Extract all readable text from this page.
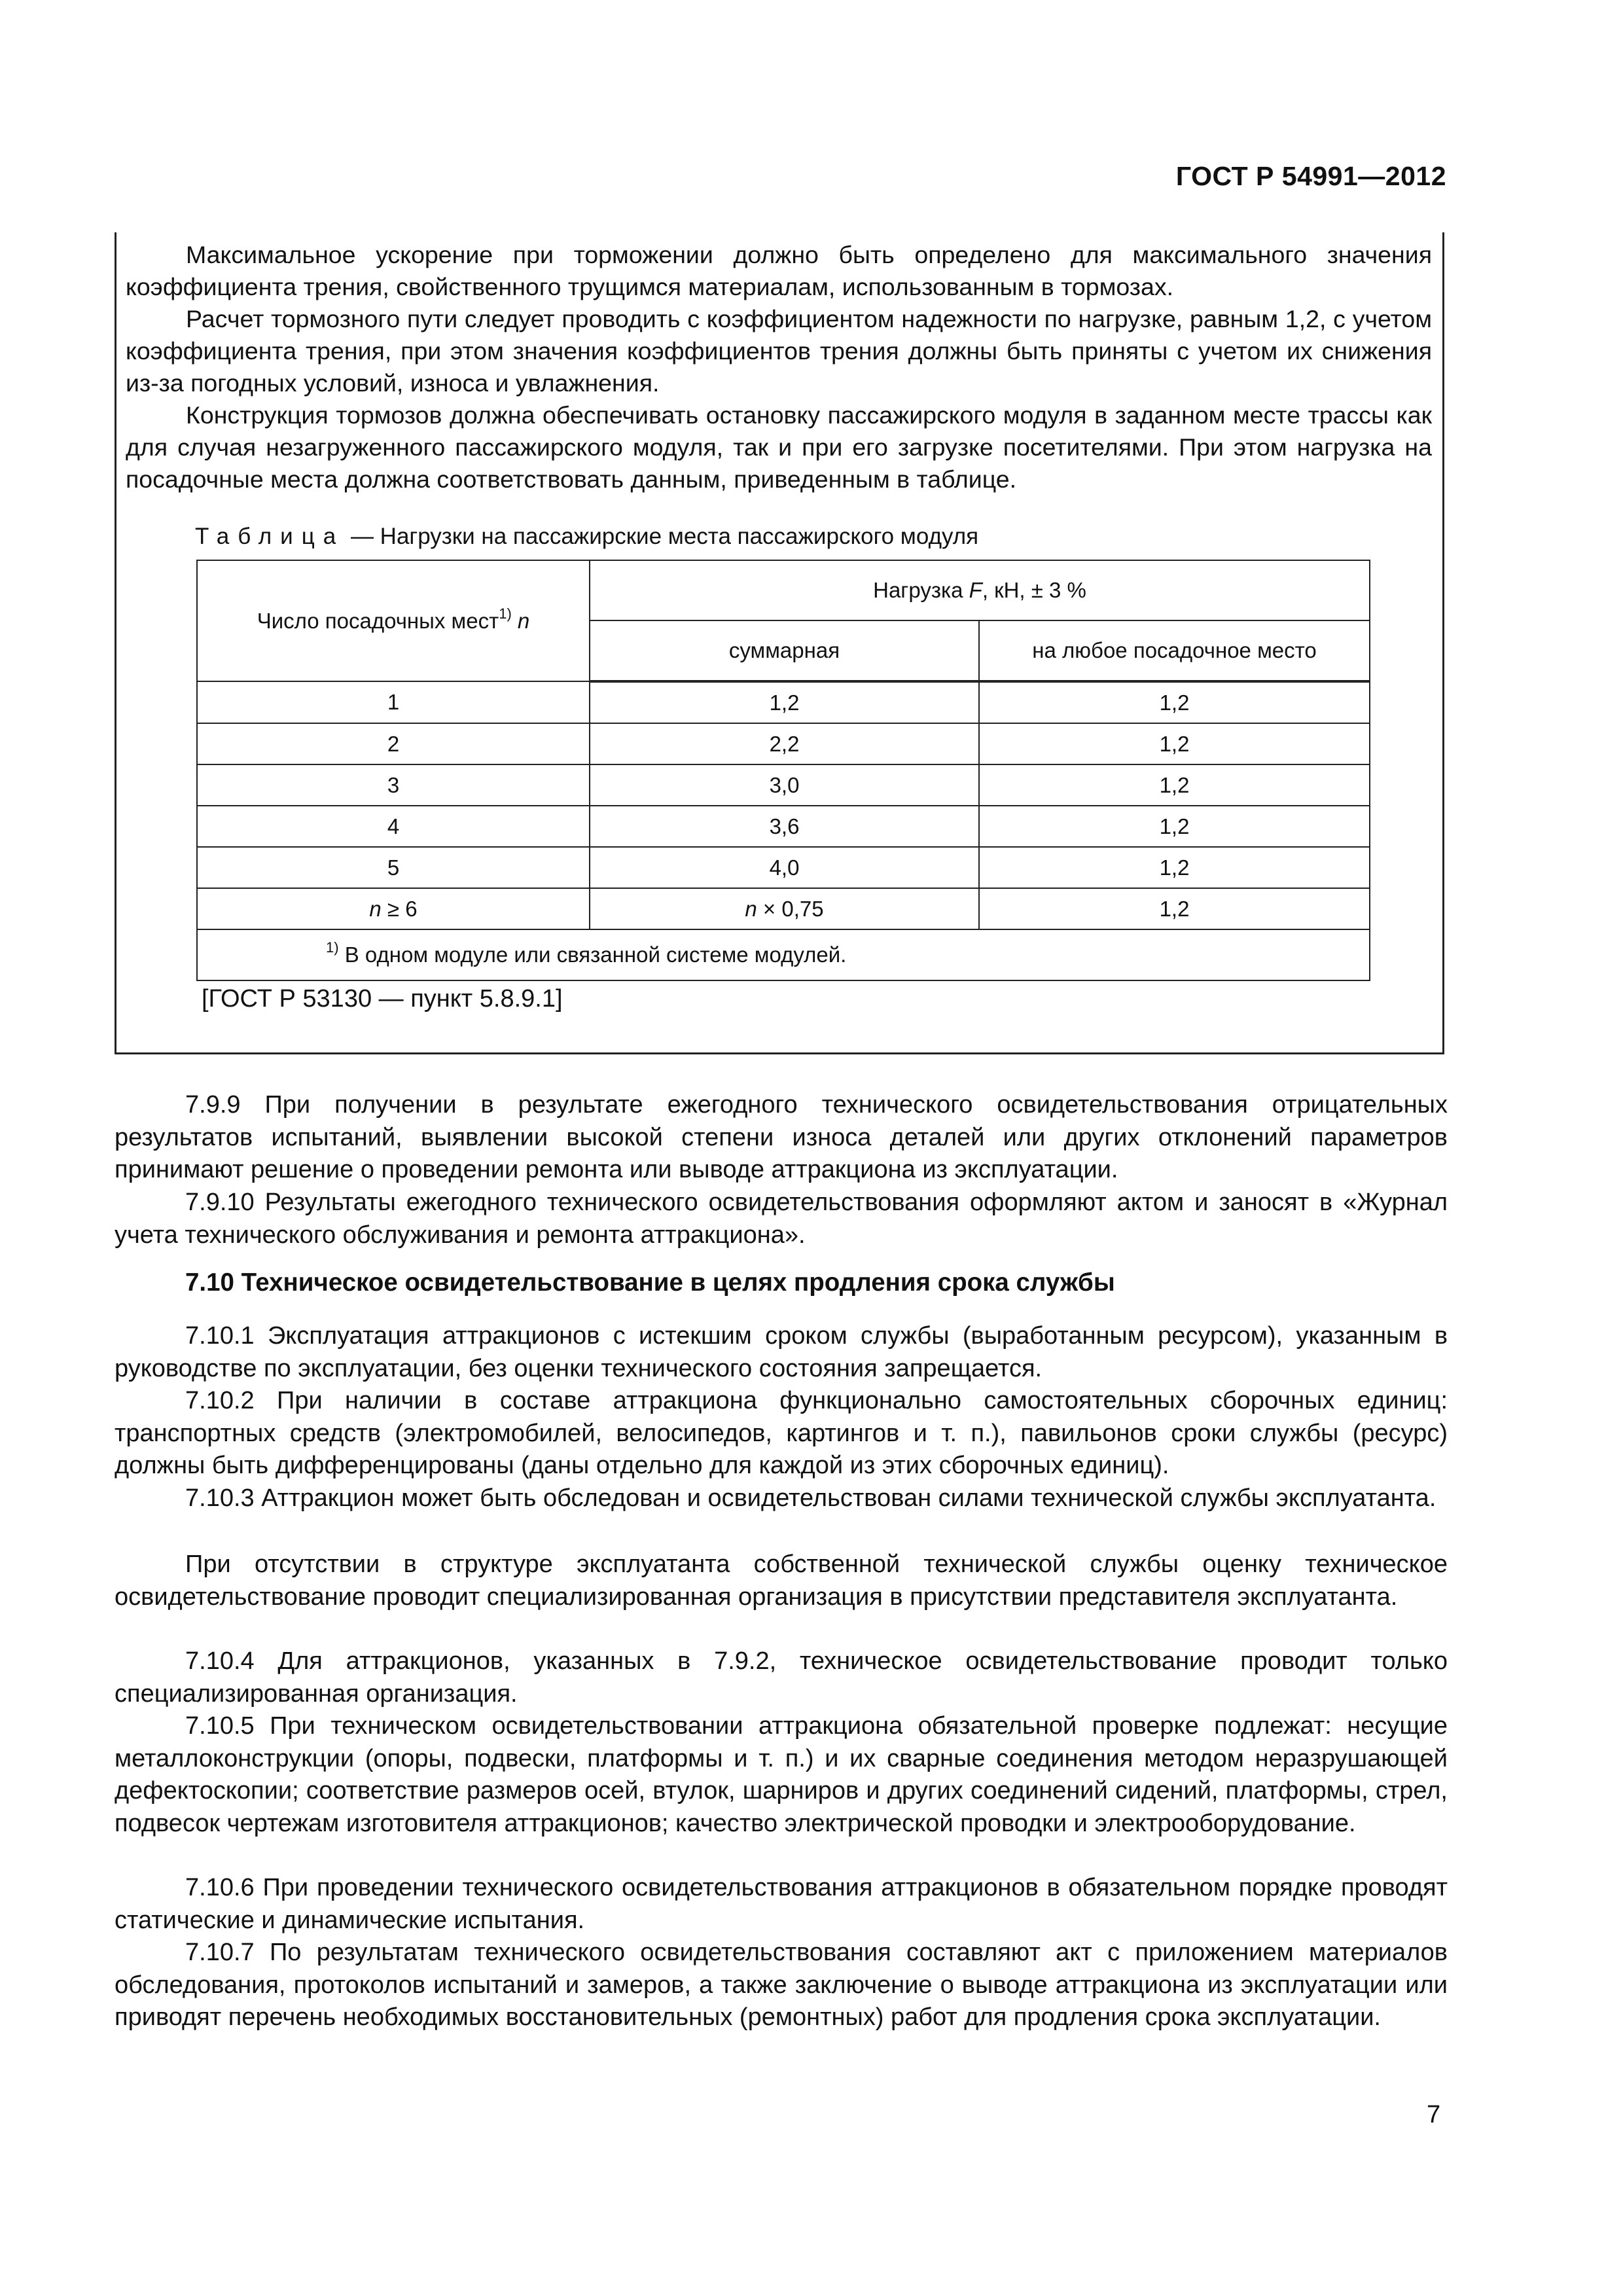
ГОСТ Р 54991—2012

Максимальное ускорение при торможении должно быть определено для максимального значения коэффициента трения, свойственного трущимся материалам, использованным в тормозах.

Расчет тормозного пути следует проводить с коэффициентом надежности по нагрузке, равным 1,2, с учетом коэффициента трения, при этом значения коэффициентов трения должны быть приняты с учетом их снижения из-за погодных условий, износа и увлажнения.

Конструкция тормозов должна обеспечивать остановку пассажирского модуля в заданном месте трассы как для случая незагруженного пассажирского модуля, так и при его загрузке посетителями. При этом нагрузка на посадочные места должна соответствовать данным, приведенным в таблице.

Таблица — Нагрузки на пассажирские места пассажирского модуля
Число посадочных мест$^{1)}$ n	Нагрузка F, кН, ± 3 %	
	суммарная	на любое посадочное место
1	1,2	1,2
2	2,2	1,2
3	3,0	1,2
4	3,6	1,2
5	4,0	1,2
n ≥ 6	n × 0,75	1,2
$^{1)}$ В одном модуле или связанной системе модулей.		
[ГОСТ Р 53130 — пункт 5.8.9.1]

7.9.9 При получении в результате ежегодного технического освидетельствования отрицательных результатов испытаний, выявлении высокой степени износа деталей или других отклонений параметров принимают решение о проведении ремонта или выводе аттракциона из эксплуатации.

7.9.10 Результаты ежегодного технического освидетельствования оформляют актом и заносят в «Журнал учета технического обслуживания и ремонта аттракциона».

7.10 Техническое освидетельствование в целях продления срока службы

7.10.1 Эксплуатация аттракционов с истекшим сроком службы (выработанным ресурсом), указанным в руководстве по эксплуатации, без оценки технического состояния запрещается.

7.10.2 При наличии в составе аттракциона функционально самостоятельных сборочных единиц: транспортных средств (электромобилей, велосипедов, картингов и т. п.), павильонов сроки службы (ресурс) должны быть дифференцированы (даны отдельно для каждой из этих сборочных единиц).

7.10.3 Аттракцион может быть обследован и освидетельствован силами технической службы эксплуатанта.

При отсутствии в структуре эксплуатанта собственной технической службы оценку техническое освидетельствование проводит специализированная организация в присутствии представителя эксплуатанта.

7.10.4 Для аттракционов, указанных в 7.9.2, техническое освидетельствование проводит только специализированная организация.

7.10.5 При техническом освидетельствовании аттракциона обязательной проверке подлежат: несущие металлоконструкции (опоры, подвески, платформы и т. п.) и их сварные соединения методом неразрушающей дефектоскопии; соответствие размеров осей, втулок, шарниров и других соединений сидений, платформы, стрел, подвесок чертежам изготовителя аттракционов; качество электрической проводки и электрооборудование.

7.10.6 При проведении технического освидетельствования аттракционов в обязательном порядке проводят статические и динамические испытания.

7.10.7 По результатам технического освидетельствования составляют акт с приложением материалов обследования, протоколов испытаний и замеров, а также заключение о выводе аттракциона из эксплуатации или приводят перечень необходимых восстановительных (ремонтных) работ для продления срока эксплуатации.

7
